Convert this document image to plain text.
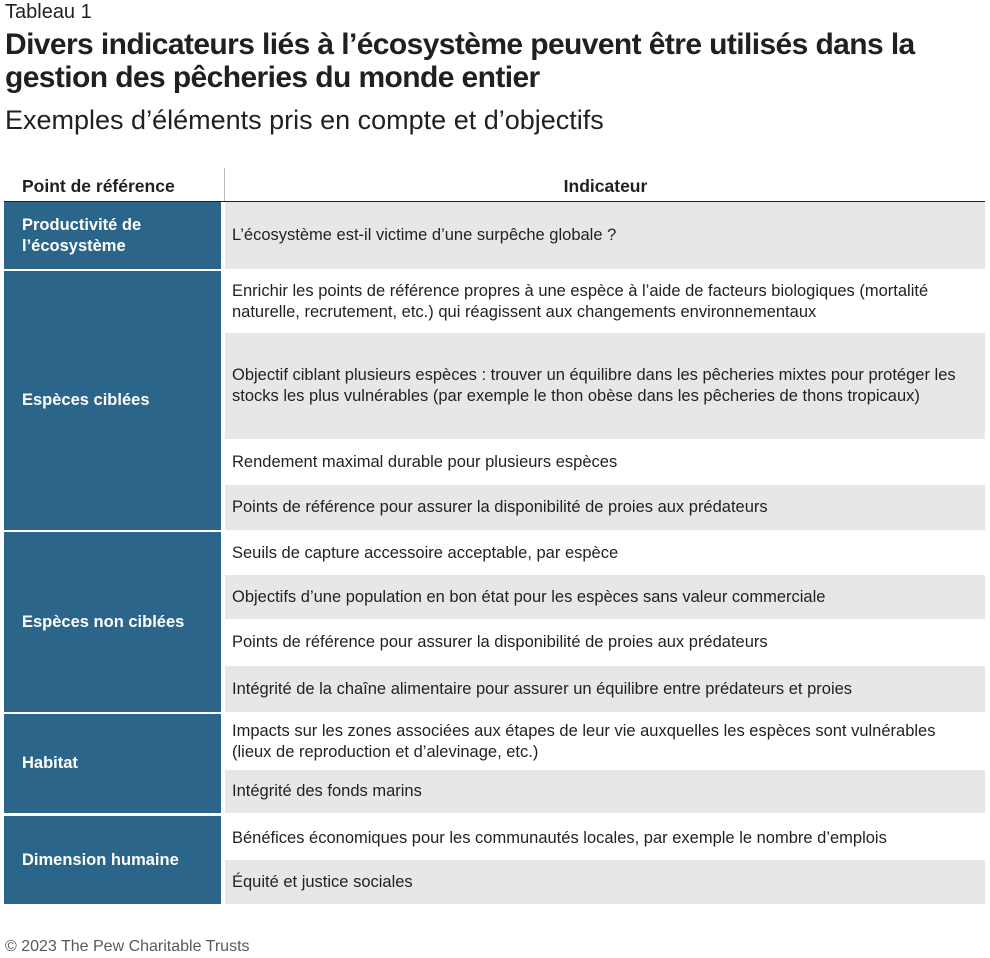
Tableau 1
Divers indicateurs liés à l’écosystème peuvent être utilisés dans la gestion des pêcheries du monde entier
Exemples d’éléments pris en compte et d’objectifs
Point de référence	Indicateur
Productivité de l’écosystème
L’écosystème est-il victime d’une surpêche globale ?
Espèces ciblées
Enrichir les points de référence propres à une espèce à l’aide de facteurs biologiques (mortalité naturelle, recrutement, etc.) qui réagissent aux changements environnementaux
Objectif ciblant plusieurs espèces : trouver un équilibre dans les pêcheries mixtes pour protéger les stocks les plus vulnérables (par exemple le thon obèse dans les pêcheries de thons tropicaux)
Rendement maximal durable pour plusieurs espèces
Points de référence pour assurer la disponibilité de proies aux prédateurs
Espèces non ciblées
Seuils de capture accessoire acceptable, par espèce
Objectifs d’une population en bon état pour les espèces sans valeur commerciale
Points de référence pour assurer la disponibilité de proies aux prédateurs
Intégrité de la chaîne alimentaire pour assurer un équilibre entre prédateurs et proies
Habitat
Impacts sur les zones associées aux étapes de leur vie auxquelles les espèces sont vulnérables (lieux de reproduction et d’alevinage, etc.)
Intégrité des fonds marins
Dimension humaine
Bénéfices économiques pour les communautés locales, par exemple le nombre d’emplois
Équité et justice sociales
© 2023 The Pew Charitable Trusts
